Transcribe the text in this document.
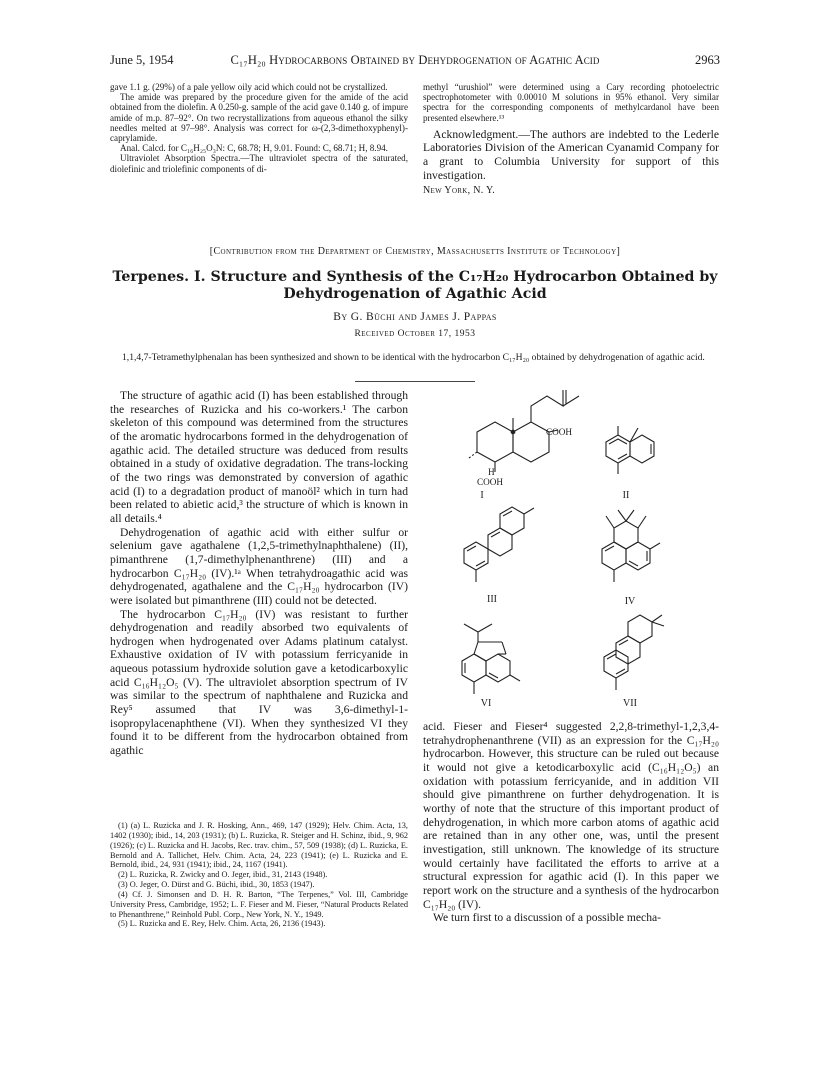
June 5, 1954	C₁₇H₂₀ Hydrocarbons Obtained by Dehydrogenation of Agathic Acid	2963

gave 1.1 g. (29%) of a pale yellow oily acid which could not be crystallized.

The amide was prepared by the procedure given for the amide of the acid obtained from the diolefin. A 0.250-g. sample of the acid gave 0.140 g. of impure amide of m.p. 87–92°. On two recrystallizations from aqueous ethanol the silky needles melted at 97–98°. Analysis was correct for ω-(2,3-dimethoxyphenyl)-caprylamide.

Anal. Calcd. for C₁₆H₂₅O₃N: C, 68.78; H, 9.01. Found: C, 68.71; H, 8.94.

Ultraviolet Absorption Spectra.—The ultraviolet spectra of the saturated, diolefinic and triolefinic components of di-

methyl “urushiol” were determined using a Cary recording photoelectric spectrophotometer with 0.00010 M solutions in 95% ethanol. Very similar spectra for the corresponding components of methylcardanol have been presented elsewhere.¹³

Acknowledgment.—The authors are indebted to the Lederle Laboratories Division of the American Cyanamid Company for a grant to Columbia University for support of this investigation.
New York, N. Y.
[Contribution from the Department of Chemistry, Massachusetts Institute of Technology]
Terpenes. I. Structure and Synthesis of the C₁₇H₂₀ Hydrocarbon Obtained by
Dehydrogenation of Agathic Acid
By G. Büchi and James J. Pappas
Received October 17, 1953
1,1,4,7-Tetramethylphenalan has been synthesized and shown to be identical with the hydrocarbon C₁₇H₂₀ obtained by dehydrogenation of agathic acid.

The structure of agathic acid (I) has been established through the researches of Ruzicka and his co-workers.¹ The carbon skeleton of this compound was determined from the structures of the aromatic hydrocarbons formed in the dehydrogenation of agathic acid. The detailed structure was deduced from results obtained in a study of oxidative degradation. The trans-locking of the two rings was demonstrated by conversion of agathic acid (I) to a degradation product of manoöl² which in turn had been related to abietic acid,³ the structure of which is known in all details.⁴

Dehydrogenation of agathic acid with either sulfur or selenium gave agathalene (1,2,5-trimethylnaphthalene) (II), pimanthrene (1,7-dimethylphenanthrene) (III) and a hydrocarbon C₁₇H₂₀ (IV).¹ᵃ When tetrahydroagathic acid was dehydrogenated, agathalene and the C₁₇H₂₀ hydrocarbon (IV) were isolated but pimanthrene (III) could not be detected.

The hydrocarbon C₁₇H₂₀ (IV) was resistant to further dehydrogenation and readily absorbed two equivalents of hydrogen when hydrogenated over Adams platinum catalyst. Exhaustive oxidation of IV with potassium ferricyanide in aqueous potassium hydroxide solution gave a ketodicarboxylic acid C₁₆H₁₂O₅ (V). The ultraviolet absorption spectrum of IV was similar to the spectrum of naphthalene and Ruzicka and Rey⁵ assumed that IV was 3,6-dimethyl-1-isopropylacenaphthene (VI). When they synthesized VI they found it to be different from the hydrocarbon obtained from agathic

(1) (a) L. Ruzicka and J. R. Hosking, Ann., 469, 147 (1929); Helv. Chim. Acta, 13, 1402 (1930); ibid., 14, 203 (1931); (b) L. Ruzicka, R. Steiger and H. Schinz, ibid., 9, 962 (1926); (c) L. Ruzicka and H. Jacobs, Rec. trav. chim., 57, 509 (1938); (d) L. Ruzicka, E. Bernold and A. Tallichet, Helv. Chim. Acta, 24, 223 (1941); (e) L. Ruzicka and E. Bernold, ibid., 24, 931 (1941); ibid., 24, 1167 (1941).

(2) L. Ruzicka, R. Zwicky and O. Jeger, ibid., 31, 2143 (1948).

(3) O. Jeger, O. Dürst and G. Büchi, ibid., 30, 1853 (1947).

(4) Cf. J. Simonsen and D. H. R. Barton, “The Terpenes,” Vol. III, Cambridge University Press, Cambridge, 1952; L. F. Fieser and M. Fieser, “Natural Products Related to Phenanthrene,” Reinhold Publ. Corp., New York, N. Y., 1949.

(5) L. Ruzicka and E. Rey, Helv. Chim. Acta, 26, 2136 (1943).

acid. Fieser and Fieser⁴ suggested 2,2,8-trimethyl-1,2,3,4-tetrahydrophenanthrene (VII) as an expression for the C₁₇H₂₀ hydrocarbon. However, this structure can be ruled out because it would not give a ketodicarboxylic acid (C₁₆H₁₂O₅) an oxidation with potassium ferricyanide, and in addition VII should give pimanthrene on further dehydrogenation. It is worthy of note that the structure of this important product of dehydrogenation, in which more carbon atoms of agathic acid are retained than in any other one, was, until the present investigation, still unknown. The knowledge of its structure would certainly have facilitated the efforts to arrive at a structural expression for agathic acid (I). In this paper we report work on the structure and a synthesis of the hydrocarbon C₁₇H₂₀ (IV).

We turn first to a discussion of a possible mecha-

COOH
H
COOH
I	II
III	IV
VI	VII
